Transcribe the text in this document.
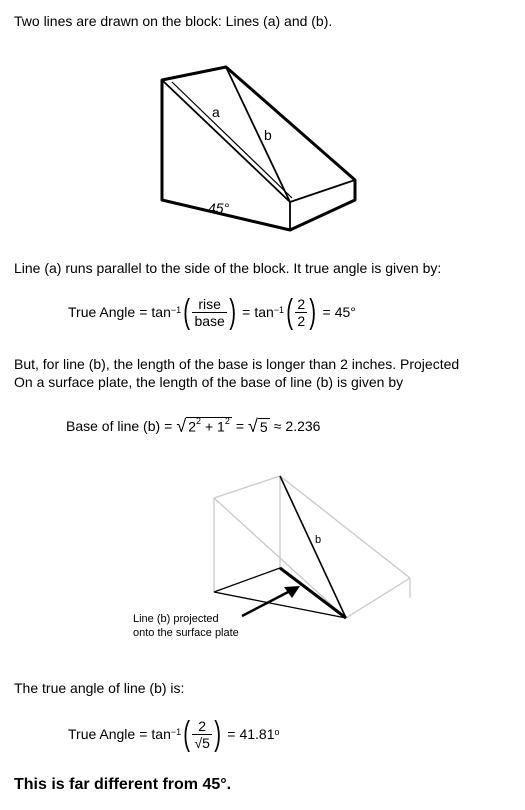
Two lines are drawn on the block: Lines (a) and (b).
a
b
45°
Line (a) runs parallel to the side of the block. It true angle is given by:
True Angle = $\tan^{-1}$ ( $\frac{\text{rise}}{\text{base}}$ ) = $\tan^{-1}$ ( $\frac{2}{2}$ ) = 45°
But, for line (b), the length of the base is longer than 2 inches. Projected
On a surface plate, the length of the base of line (b) is given by
Base of line (b) = √ $2^2 + 1^2$ = √ 5 ≈ 2.236
b
Line (b) projected
onto the surface plate
The true angle of line (b) is:
True Angle = $\tan^{-1}$ ( $\frac{2}{√5}$ ) = $41.81^o$
This is far different from 45°.
